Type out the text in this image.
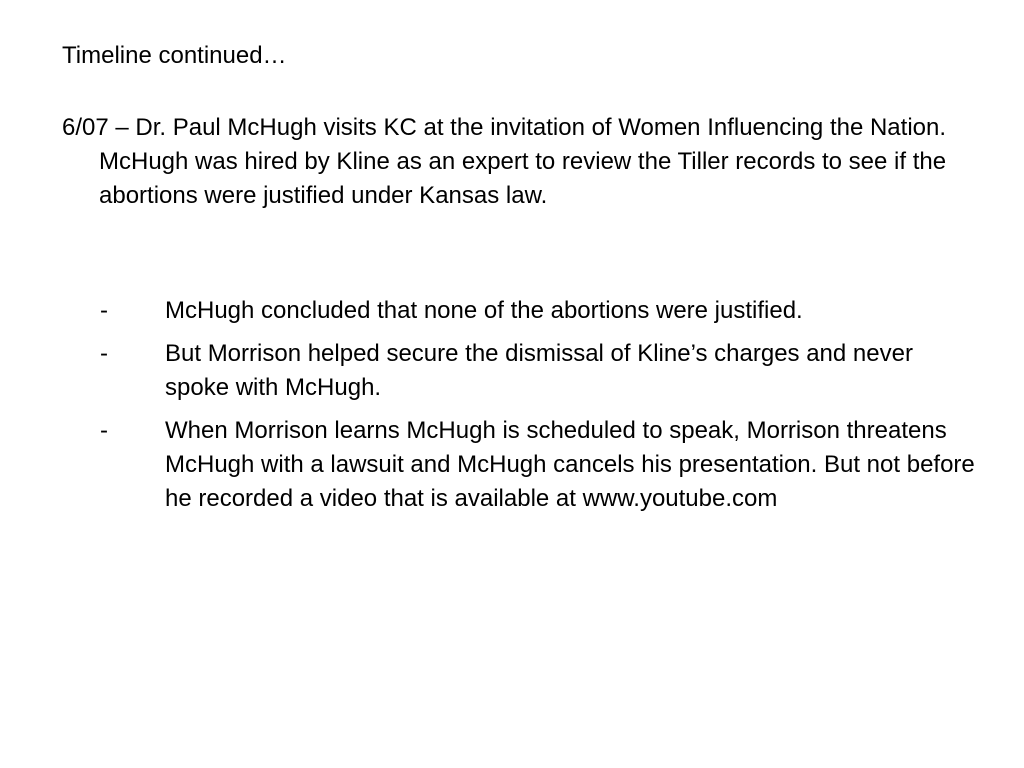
Timeline continued…

6/07 – Dr. Paul McHugh visits KC at the invitation of Women Influencing the Nation. McHugh was hired by Kline as an expert to review the Tiller records to see if the abortions were justified under Kansas law.

-	McHugh concluded that none of the abortions were justified.
-	But Morrison helped secure the dismissal of Kline’s charges and never spoke with McHugh.
-	When Morrison learns McHugh is scheduled to speak, Morrison threatens McHugh with a lawsuit and McHugh cancels his presentation. But not before he recorded a video that is available at www.youtube.com
